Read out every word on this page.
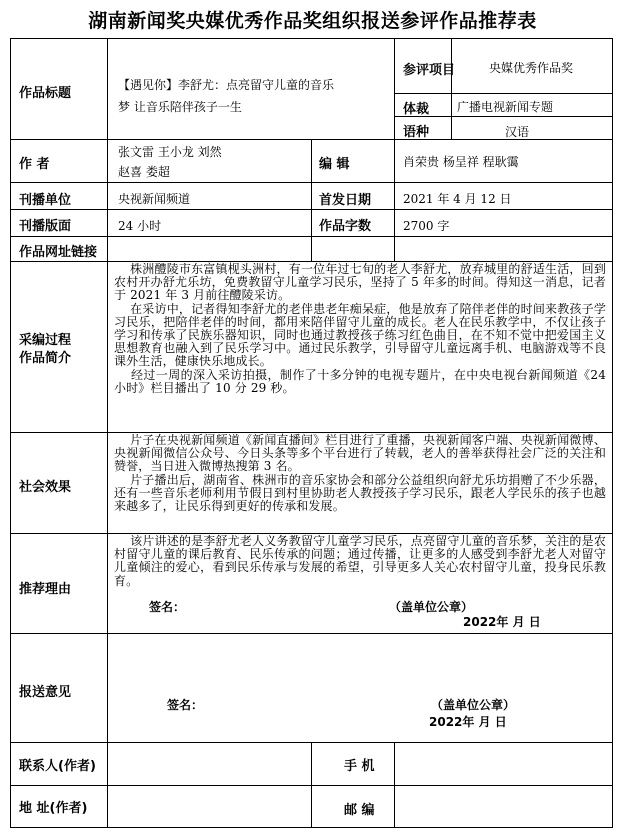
湖南新闻奖央媒优秀作品奖组织报送参评作品推荐表
作品标题
【遇见你】李舒尤：点亮留守儿童的音乐
梦 让音乐陪伴孩子一生
参评项目	央媒优秀作品奖
体裁 广播电视新闻专题
语种	汉语
作 者
张文雷 王小龙 刘然
赵喜 娄超	编 辑	肖荣贵 杨呈祥 程耿霭
刊播单位	央视新闻频道	首发日期	2021 年 4 月 12 日
刊播版面	24 小时	作品字数	2700 字
作品网址链接
采编过程
作品简介
株洲醴陵市东富镇枧头洲村，有一位年过七旬的老人李舒尤，放弃城里的舒适生活，回到农村开办舒尤乐坊，免费教留守儿童学习民乐，坚持了 5 年多的时间。得知这一消息，记者于 2021 年 3 月前往醴陵采访。
在采访中，记者得知李舒尤的老伴患老年痴呆症，他是放弃了陪伴老伴的时间来教孩子学习民乐，把陪伴老伴的时间，都用来陪伴留守儿童的成长。老人在民乐教学中，不仅让孩子学习和传承了民族乐器知识，同时也通过教授孩子练习红色曲目，在不知不觉中把爱国主义思想教育也融入到了民乐学习中。通过民乐教学，引导留守儿童远离手机、电脑游戏等不良课外生活，健康快乐地成长。
经过一周的深入采访拍摄，制作了十多分钟的电视专题片，在中央电视台新闻频道《24 小时》栏目播出了 10 分 29 秒。
社会效果
片子在央视新闻频道《新闻直播间》栏目进行了重播，央视新闻客户端、央视新闻微博、央视新闻微信公众号、今日头条等多个平台进行了转载，老人的善举获得社会广泛的关注和赞誉，当日进入微博热搜第 3 名。
片子播出后，湖南省、株洲市的音乐家协会和部分公益组织向舒尤乐坊捐赠了不少乐器，还有一些音乐老师利用节假日到村里协助老人教授孩子学习民乐，跟老人学民乐的孩子也越来越多了，让民乐得到更好的传承和发展。
推荐理由
该片讲述的是李舒尤老人义务教留守儿童学习民乐，点亮留守儿童的音乐梦，关注的是农村留守儿童的课后教育、民乐传承的问题；通过传播，让更多的人感受到李舒尤老人对留守儿童倾注的爱心，看到民乐传承与发展的希望，引导更多人关心农村留守儿童，投身民乐教育。
签名：	（盖单位公章）
2022年 月 日
报送意见
签名：	（盖单位公章）
2022年 月 日
联系人(作者)	手 机
地 址(作者)	邮 编
